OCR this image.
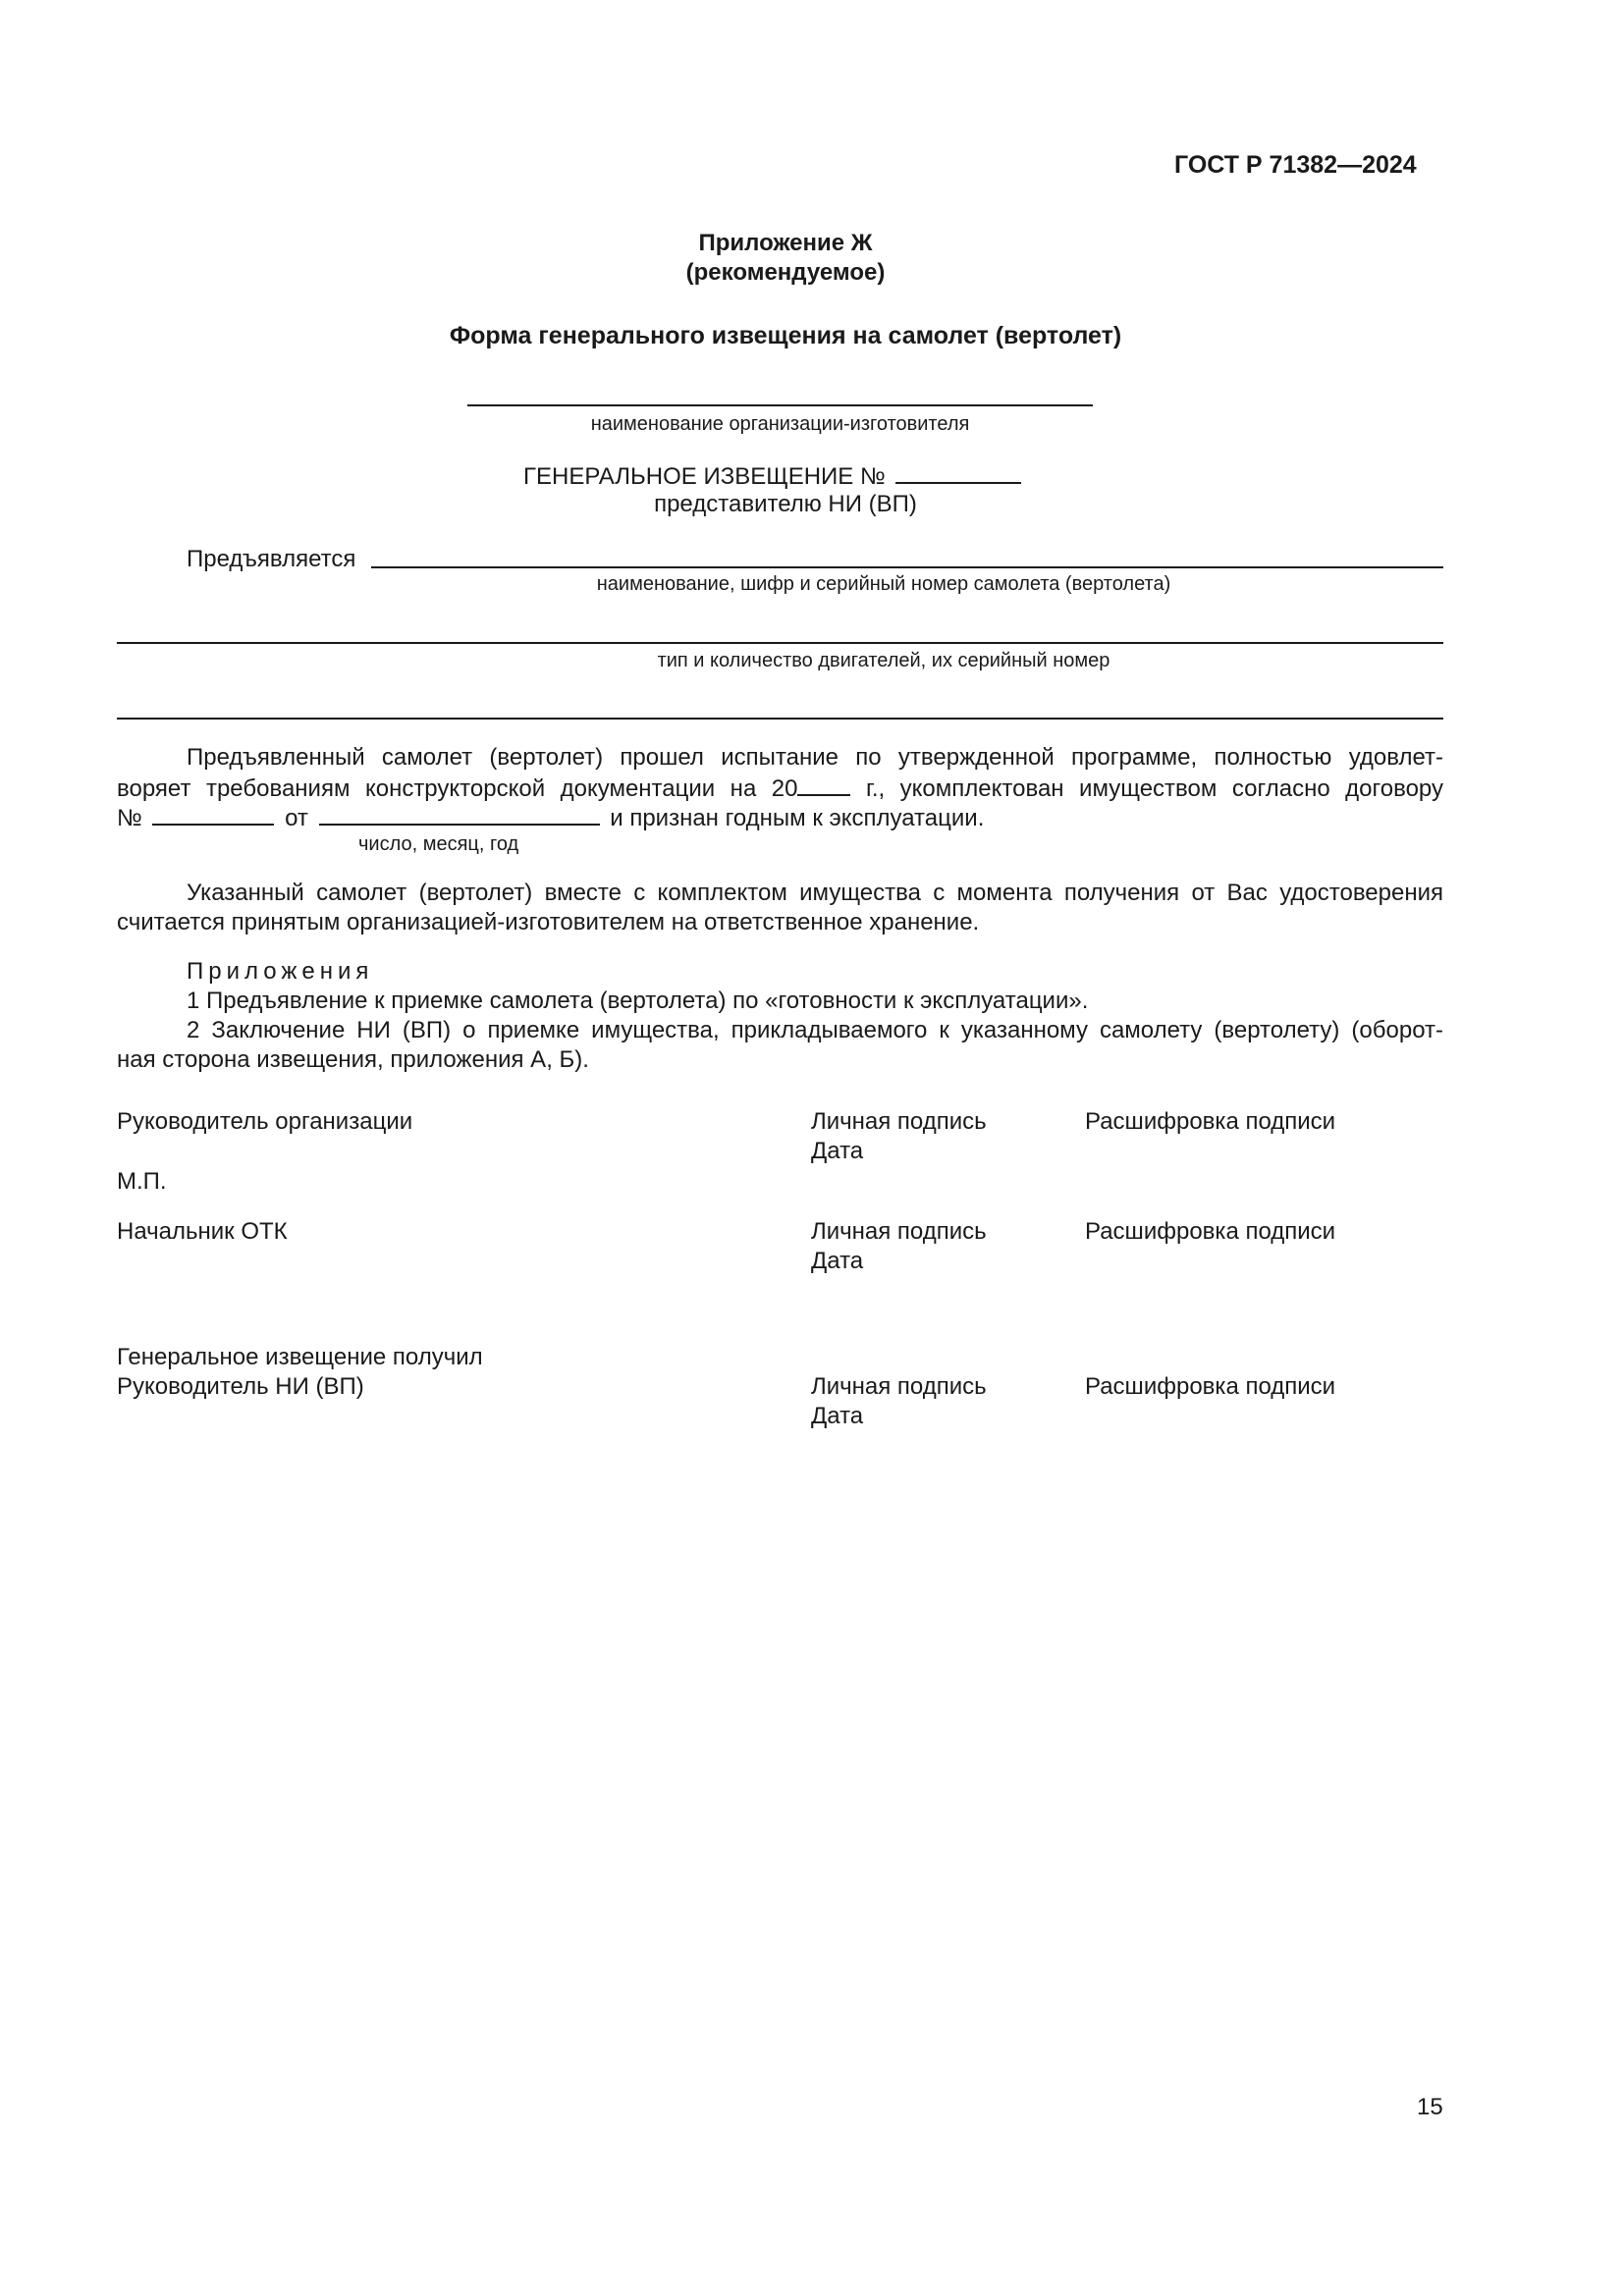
ГОСТ Р 71382—2024
Приложение Ж
(рекомендуемое)
Форма генерального извещения на самолет (вертолет)
наименование организации-изготовителя
ГЕНЕРАЛЬНОЕ ИЗВЕЩЕНИЕ №
представителю НИ (ВП)
Предъявляется
наименование, шифр и серийный номер самолета (вертолета)
тип и количество двигателей, их серийный номер
Предъявленный самолет (вертолет) прошел испытание по утвержденной программе, полностью удовлет-
воряет требованиям конструкторской документации на 20	г., укомплектован имуществом согласно договору
№	от	и признан годным к эксплуатации.
число, месяц, год
Указанный самолет (вертолет) вместе с комплектом имущества с момента получения от Вас удостоверения
считается принятым организацией-изготовителем на ответственное хранение.
Приложения
1 Предъявление к приемке самолета (вертолета) по «готовности к эксплуатации».
2 Заключение НИ (ВП) о приемке имущества, прикладываемого к указанному самолету (вертолету) (оборот-
ная сторона извещения, приложения А, Б).
Руководитель организации	Личная подпись	Расшифровка подписи
Дата
М.П.
Начальник ОТК	Личная подпись	Расшифровка подписи
Дата
Генеральное извещение получил
Руководитель НИ (ВП)	Личная подпись	Расшифровка подписи
Дата
15
